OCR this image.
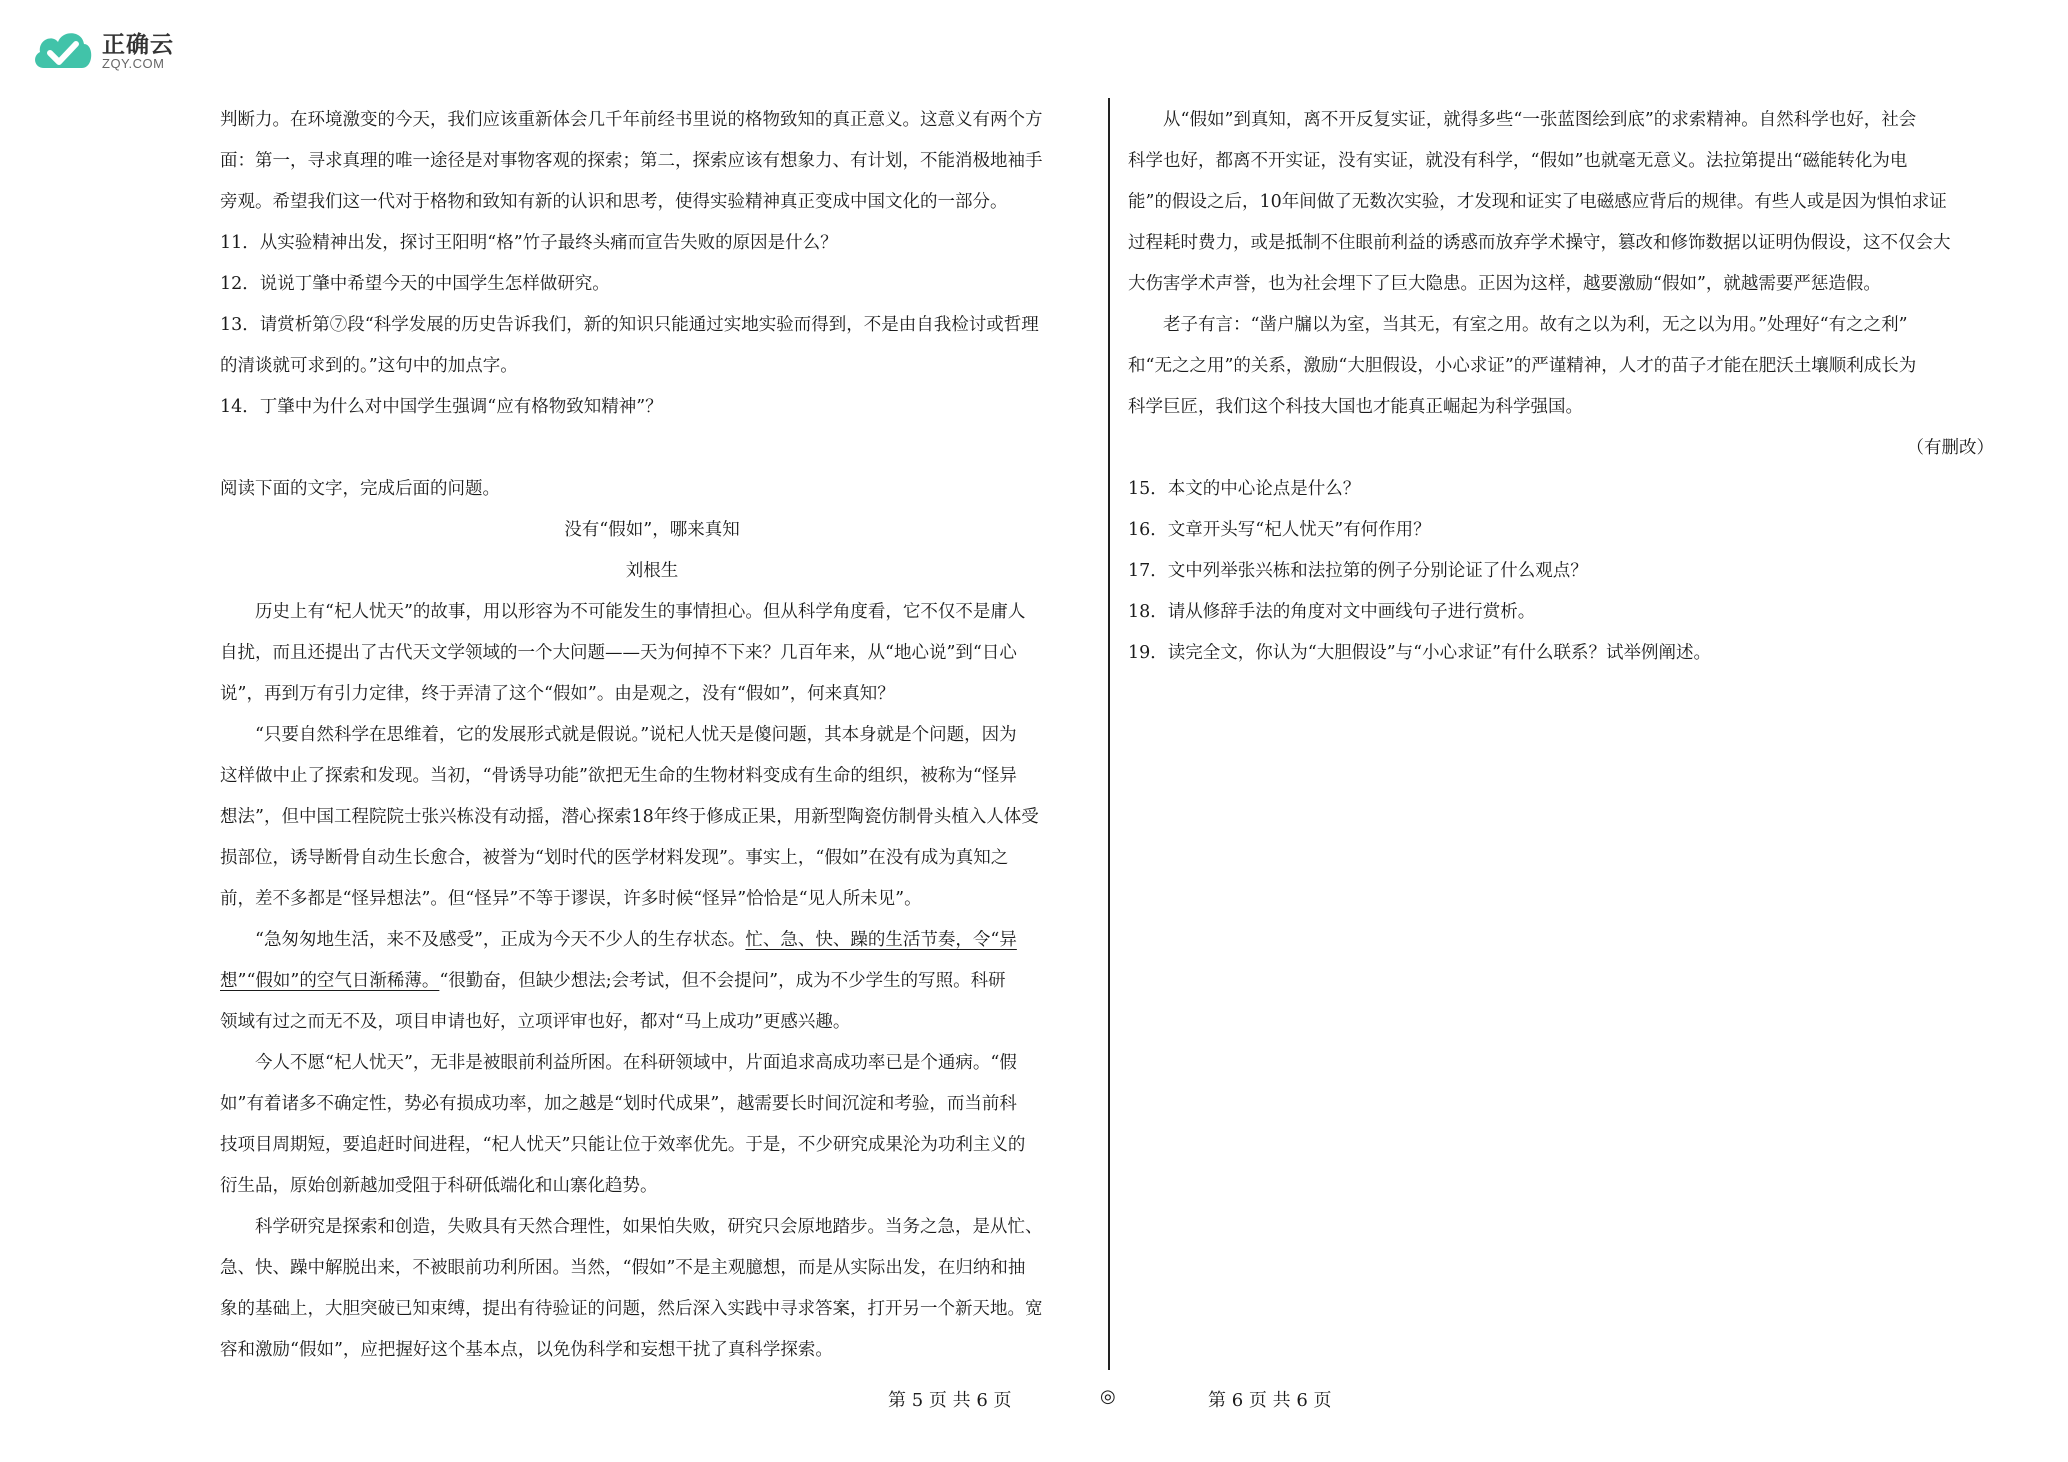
正确云
ZQY.COM

判断力。在环境激变的今天，我们应该重新体会几千年前经书里说的格物致知的真正意义。这意义有两个方

面：第一，寻求真理的唯一途径是对事物客观的探索；第二，探索应该有想象力、有计划，不能消极地袖手

旁观。希望我们这一代对于格物和致知有新的认识和思考，使得实验精神真正变成中国文化的一部分。

11．从实验精神出发，探讨王阳明“格”竹子最终头痛而宣告失败的原因是什么？

12．说说丁肇中希望今天的中国学生怎样做研究。

13．请赏析第⑦段“科学发展的历史告诉我们，新的知识只能通过实地实验而得到，不是由自我检讨或哲理

的清谈就可求到的。”这句中的加点字。

14．丁肇中为什么对中国学生强调“应有格物致知精神”？

阅读下面的文字，完成后面的问题。

没有“假如”，哪来真知

刘根生

历史上有“杞人忧天”的故事，用以形容为不可能发生的事情担心。但从科学角度看，它不仅不是庸人

自扰，而且还提出了古代天文学领域的一个大问题——天为何掉不下来？几百年来，从“地心说”到“日心

说”，再到万有引力定律，终于弄清了这个“假如”。由是观之，没有“假如”，何来真知？

“只要自然科学在思维着，它的发展形式就是假说。”说杞人忧天是傻问题，其本身就是个问题，因为

这样做中止了探索和发现。当初，“骨诱导功能”欲把无生命的生物材料变成有生命的组织，被称为“怪异

想法”，但中国工程院院士张兴栋没有动摇，潜心探索18年终于修成正果，用新型陶瓷仿制骨头植入人体受

损部位，诱导断骨自动生长愈合，被誉为“划时代的医学材料发现”。事实上，“假如”在没有成为真知之

前，差不多都是“怪异想法”。但“怪异”不等于谬误，许多时候“怪异”恰恰是“见人所未见”。

“急匆匆地生活，来不及感受”，正成为今天不少人的生存状态。忙、急、快、躁的生活节奏，令“异

想”“假如”的空气日渐稀薄。“很勤奋，但缺少想法;会考试，但不会提问”，成为不少学生的写照。科研

领域有过之而无不及，项目申请也好，立项评审也好，都对“马上成功”更感兴趣。

今人不愿“杞人忧天”，无非是被眼前利益所困。在科研领域中，片面追求高成功率已是个通病。“假

如”有着诸多不确定性，势必有损成功率，加之越是“划时代成果”，越需要长时间沉淀和考验，而当前科

技项目周期短，要追赶时间进程，“杞人忧天”只能让位于效率优先。于是，不少研究成果沦为功利主义的

衍生品，原始创新越加受阻于科研低端化和山寨化趋势。

科学研究是探索和创造，失败具有天然合理性，如果怕失败，研究只会原地踏步。当务之急，是从忙、

急、快、躁中解脱出来，不被眼前功利所困。当然，“假如”不是主观臆想，而是从实际出发，在归纳和抽

象的基础上，大胆突破已知束缚，提出有待验证的问题，然后深入实践中寻求答案，打开另一个新天地。宽

容和激励“假如”，应把握好这个基本点，以免伪科学和妄想干扰了真科学探索。

从“假如”到真知，离不开反复实证，就得多些“一张蓝图绘到底”的求索精神。自然科学也好，社会

科学也好，都离不开实证，没有实证，就没有科学，“假如”也就毫无意义。法拉第提出“磁能转化为电

能”的假设之后，10年间做了无数次实验，才发现和证实了电磁感应背后的规律。有些人或是因为惧怕求证

过程耗时费力，或是抵制不住眼前利益的诱惑而放弃学术操守，篡改和修饰数据以证明伪假设，这不仅会大

大伤害学术声誉，也为社会埋下了巨大隐患。正因为这样，越要激励“假如”，就越需要严惩造假。

老子有言：“凿户牖以为室，当其无，有室之用。故有之以为利，无之以为用。”处理好“有之之利”

和“无之之用”的关系，激励“大胆假设，小心求证”的严谨精神，人才的苗子才能在肥沃土壤顺利成长为

科学巨匠，我们这个科技大国也才能真正崛起为科学强国。

（有删改）

15．本文的中心论点是什么？

16．文章开头写“杞人忧天”有何作用？

17．文中列举张兴栋和法拉第的例子分别论证了什么观点？

18．请从修辞手法的角度对文中画线句子进行赏析。

19．读完全文，你认为“大胆假设”与“小心求证”有什么联系？试举例阐述。

第 5 页 共 6 页	◎	第 6 页 共 6 页
